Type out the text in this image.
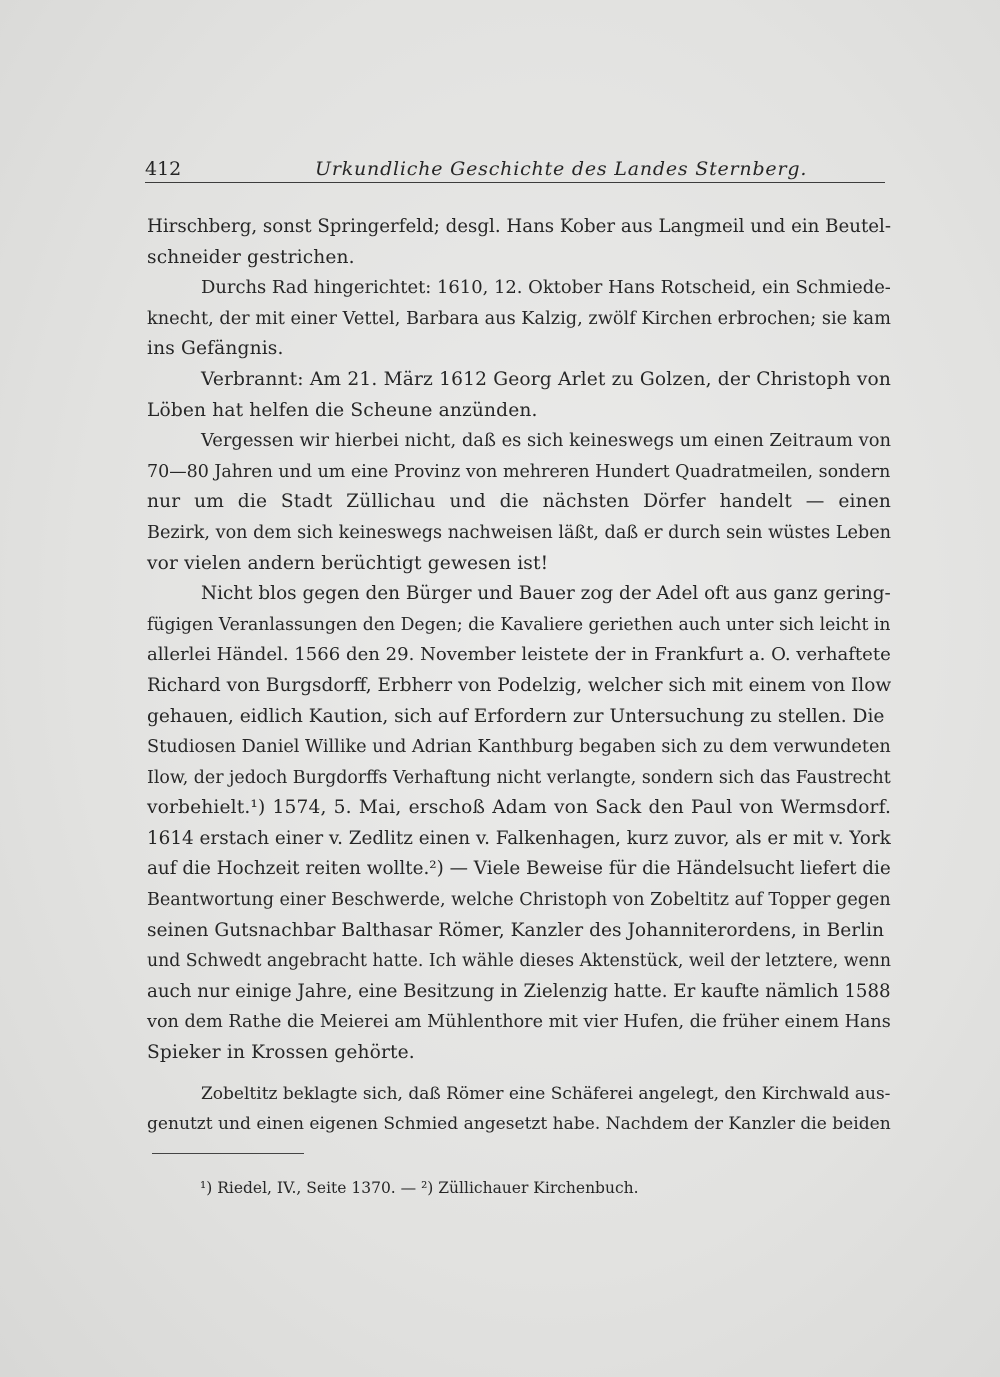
412	Urkundliche Geschichte des Landes Sternberg.
Hirschberg, sonst Springerfeld; desgl. Hans Kober aus Langmeil und ein Beutel-
schneider gestrichen.
Durchs Rad hingerichtet: 1610, 12. Oktober Hans Rotscheid, ein Schmiede-
knecht, der mit einer Vettel, Barbara aus Kalzig, zwölf Kirchen erbrochen; sie kam
ins Gefängnis.
Verbrannt: Am 21. März 1612 Georg Arlet zu Golzen, der Christoph von
Löben hat helfen die Scheune anzünden.
Vergessen wir hierbei nicht, daß es sich keineswegs um einen Zeitraum von
70—80 Jahren und um eine Provinz von mehreren Hundert Quadratmeilen, sondern
nur um die Stadt Züllichau und die nächsten Dörfer handelt — einen
Bezirk, von dem sich keineswegs nachweisen läßt, daß er durch sein wüstes Leben
vor vielen andern berüchtigt gewesen ist!
Nicht blos gegen den Bürger und Bauer zog der Adel oft aus ganz gering-
fügigen Veranlassungen den Degen; die Kavaliere geriethen auch unter sich leicht in
allerlei Händel. 1566 den 29. November leistete der in Frankfurt a. O. verhaftete
Richard von Burgsdorff, Erbherr von Podelzig, welcher sich mit einem von Ilow
gehauen, eidlich Kaution, sich auf Erfordern zur Untersuchung zu stellen. Die
Studiosen Daniel Willike und Adrian Kanthburg begaben sich zu dem verwundeten
Ilow, der jedoch Burgdorffs Verhaftung nicht verlangte, sondern sich das Faustrecht
vorbehielt.¹) 1574, 5. Mai, erschoß Adam von Sack den Paul von Wermsdorf.
1614 erstach einer v. Zedlitz einen v. Falkenhagen, kurz zuvor, als er mit v. York
auf die Hochzeit reiten wollte.²) — Viele Beweise für die Händelsucht liefert die
Beantwortung einer Beschwerde, welche Christoph von Zobeltitz auf Topper gegen
seinen Gutsnachbar Balthasar Römer, Kanzler des Johanniterordens, in Berlin
und Schwedt angebracht hatte. Ich wähle dieses Aktenstück, weil der letztere, wenn
auch nur einige Jahre, eine Besitzung in Zielenzig hatte. Er kaufte nämlich 1588
von dem Rathe die Meierei am Mühlenthore mit vier Hufen, die früher einem Hans
Spieker in Krossen gehörte.
Zobeltitz beklagte sich, daß Römer eine Schäferei angelegt, den Kirchwald aus-
genutzt und einen eigenen Schmied angesetzt habe. Nachdem der Kanzler die beiden
¹) Riedel, IV., Seite 1370. — ²) Züllichauer Kirchenbuch.
